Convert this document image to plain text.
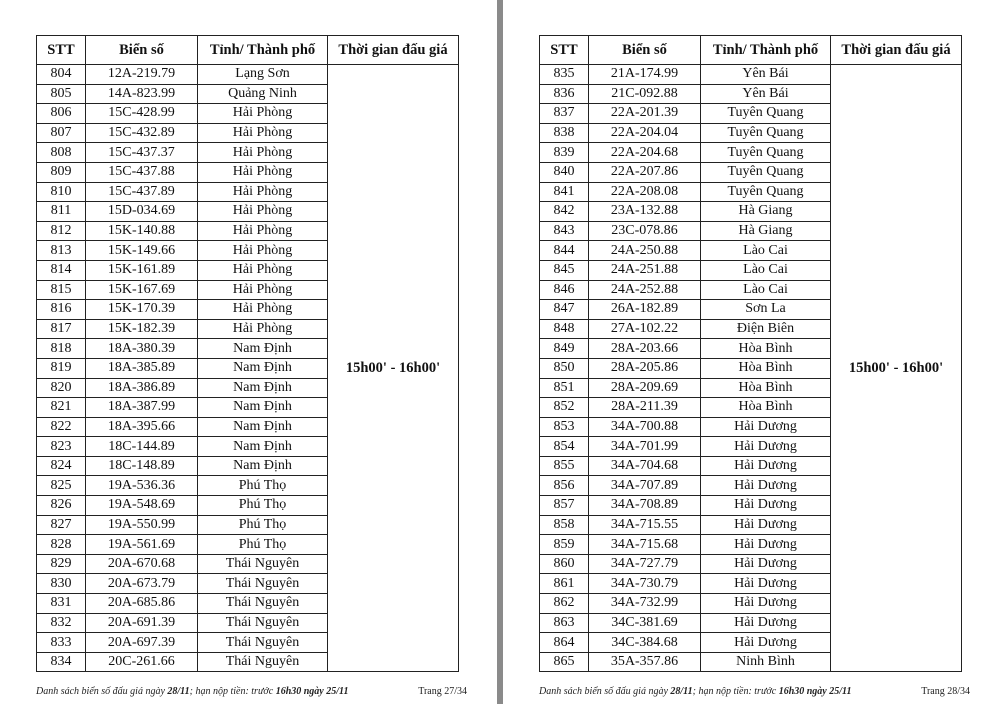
STT	Biển số	Tỉnh/ Thành phố	Thời gian đấu giá
804	12A-219.79	Lạng Sơn	15h00' - 16h00'
805	14A-823.99	Quảng Ninh	
806	15C-428.99	Hải Phòng	
807	15C-432.89	Hải Phòng	
808	15C-437.37	Hải Phòng	
809	15C-437.88	Hải Phòng	
810	15C-437.89	Hải Phòng	
811	15D-034.69	Hải Phòng	
812	15K-140.88	Hải Phòng	
813	15K-149.66	Hải Phòng	
814	15K-161.89	Hải Phòng	
815	15K-167.69	Hải Phòng	
816	15K-170.39	Hải Phòng	
817	15K-182.39	Hải Phòng	
818	18A-380.39	Nam Định	
819	18A-385.89	Nam Định	
820	18A-386.89	Nam Định	
821	18A-387.99	Nam Định	
822	18A-395.66	Nam Định	
823	18C-144.89	Nam Định	
824	18C-148.89	Nam Định	
825	19A-536.36	Phú Thọ	
826	19A-548.69	Phú Thọ	
827	19A-550.99	Phú Thọ	
828	19A-561.69	Phú Thọ	
829	20A-670.68	Thái Nguyên	
830	20A-673.79	Thái Nguyên	
831	20A-685.86	Thái Nguyên	
832	20A-691.39	Thái Nguyên	
833	20A-697.39	Thái Nguyên	
834	20C-261.66	Thái Nguyên	
Danh sách biển số đấu giá ngày 28/11; hạn nộp tiền: trước 16h30 ngày 25/11	Trang 27/34
STT	Biển số	Tỉnh/ Thành phố	Thời gian đấu giá
835	21A-174.99	Yên Bái	15h00' - 16h00'
836	21C-092.88	Yên Bái	
837	22A-201.39	Tuyên Quang	
838	22A-204.04	Tuyên Quang	
839	22A-204.68	Tuyên Quang	
840	22A-207.86	Tuyên Quang	
841	22A-208.08	Tuyên Quang	
842	23A-132.88	Hà Giang	
843	23C-078.86	Hà Giang	
844	24A-250.88	Lào Cai	
845	24A-251.88	Lào Cai	
846	24A-252.88	Lào Cai	
847	26A-182.89	Sơn La	
848	27A-102.22	Điện Biên	
849	28A-203.66	Hòa Bình	
850	28A-205.86	Hòa Bình	
851	28A-209.69	Hòa Bình	
852	28A-211.39	Hòa Bình	
853	34A-700.88	Hải Dương	
854	34A-701.99	Hải Dương	
855	34A-704.68	Hải Dương	
856	34A-707.89	Hải Dương	
857	34A-708.89	Hải Dương	
858	34A-715.55	Hải Dương	
859	34A-715.68	Hải Dương	
860	34A-727.79	Hải Dương	
861	34A-730.79	Hải Dương	
862	34A-732.99	Hải Dương	
863	34C-381.69	Hải Dương	
864	34C-384.68	Hải Dương	
865	35A-357.86	Ninh Bình	
Danh sách biển số đấu giá ngày 28/11; hạn nộp tiền: trước 16h30 ngày 25/11	Trang 28/34
